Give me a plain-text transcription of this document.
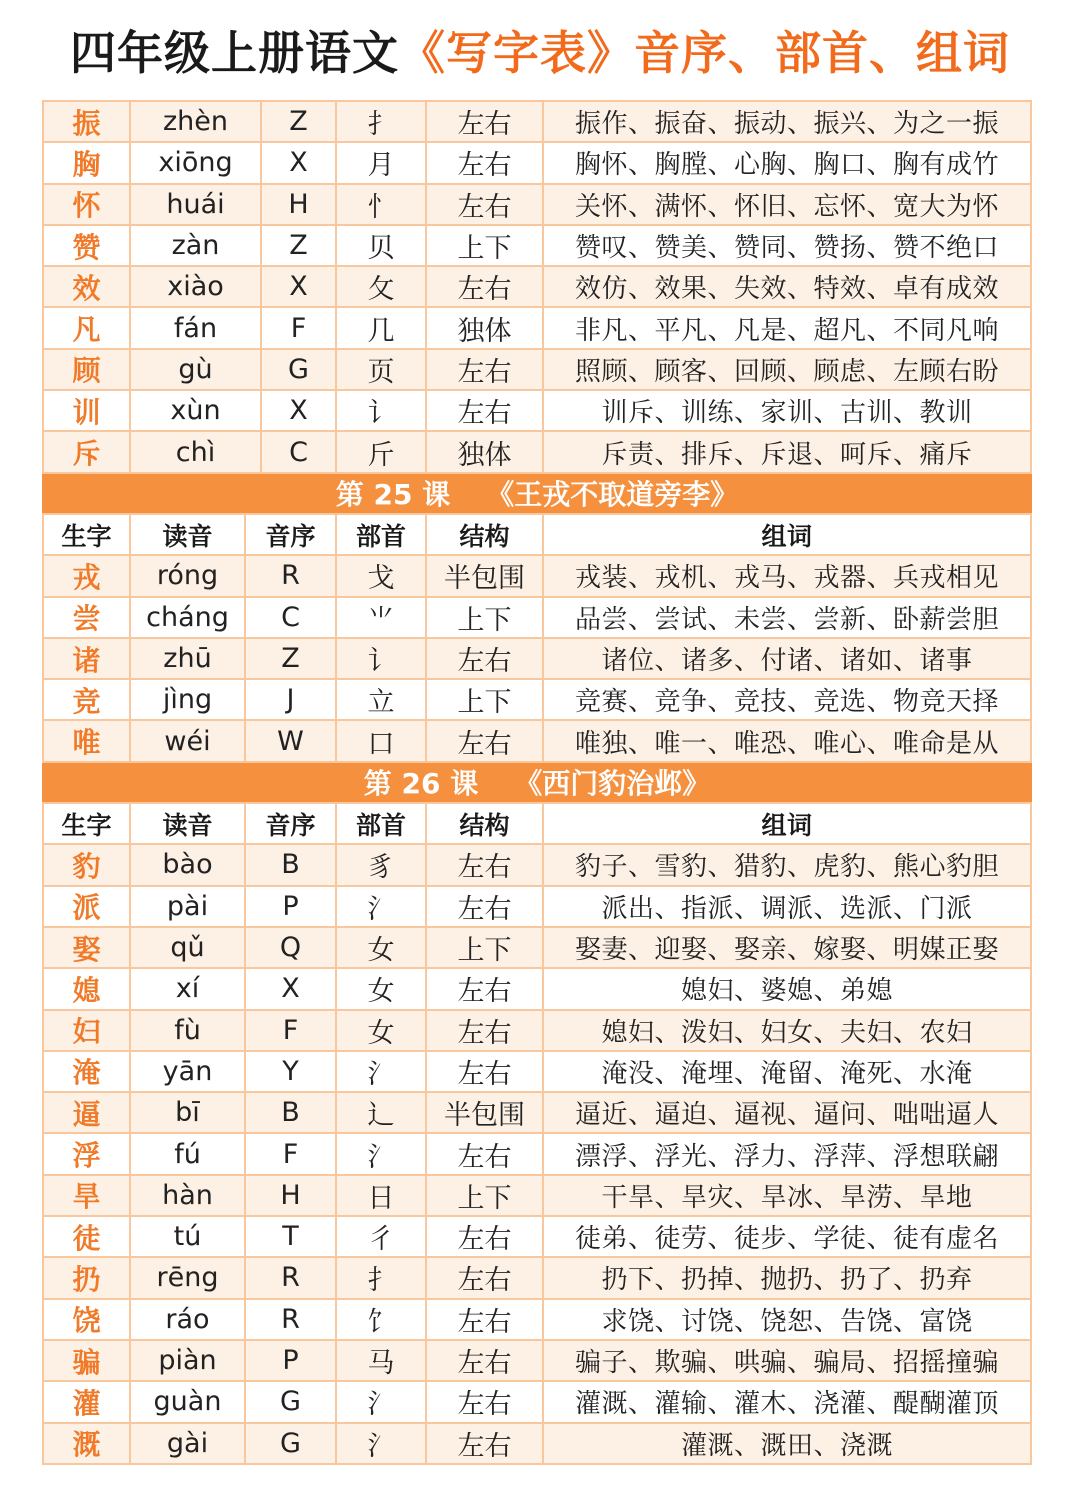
四年级上册语文 《写字表》音序、部首、组词
振	zhèn	Z	扌	左右	振作、振奋、振动、振兴、为之一振
胸	xiōng	X	月	左右	胸怀、胸膛、心胸、胸口、胸有成竹
怀	huái	H	忄	左右	关怀、满怀、怀旧、忘怀、宽大为怀
赞	zàn	Z	贝	上下	赞叹、赞美、赞同、赞扬、赞不绝口
效	xiào	X	攵	左右	效仿、效果、失效、特效、卓有成效
凡	fán	F	几	独体	非凡、平凡、凡是、超凡、不同凡响
顾	gù	G	页	左右	照顾、顾客、回顾、顾虑、左顾右盼
训	xùn	X	讠	左右	训斥、训练、家训、古训、教训
斥	chì	C	斤	独体	斥责、排斥、斥退、呵斥、痛斥
第 25 课 《王戎不取道旁李》
生字	读音	音序	部首	结构	组词
戎	róng	R	戈	半包围	戎装、戎机、戎马、戎器、兵戎相见
尝	cháng	C	⺌	上下	品尝、尝试、未尝、尝新、卧薪尝胆
诸	zhū	Z	讠	左右	诸位、诸多、付诸、诸如、诸事
竞	jìng	J	立	上下	竞赛、竞争、竞技、竞选、物竞天择
唯	wéi	W	口	左右	唯独、唯一、唯恐、唯心、唯命是从
第 26 课 《西门豹治邺》
生字	读音	音序	部首	结构	组词
豹	bào	B	豸	左右	豹子、雪豹、猎豹、虎豹、熊心豹胆
派	pài	P	氵	左右	派出、指派、调派、选派、门派
娶	qǔ	Q	女	上下	娶妻、迎娶、娶亲、嫁娶、明媒正娶
媳	xí	X	女	左右	媳妇、婆媳、弟媳
妇	fù	F	女	左右	媳妇、泼妇、妇女、夫妇、农妇
淹	yān	Y	氵	左右	淹没、淹埋、淹留、淹死、水淹
逼	bī	B	辶	半包围	逼近、逼迫、逼视、逼问、咄咄逼人
浮	fú	F	氵	左右	漂浮、浮光、浮力、浮萍、浮想联翩
旱	hàn	H	日	上下	干旱、旱灾、旱冰、旱涝、旱地
徒	tú	T	彳	左右	徒弟、徒劳、徒步、学徒、徒有虚名
扔	rēng	R	扌	左右	扔下、扔掉、抛扔、扔了、扔弃
饶	ráo	R	饣	左右	求饶、讨饶、饶恕、告饶、富饶
骗	piàn	P	马	左右	骗子、欺骗、哄骗、骗局、招摇撞骗
灌	guàn	G	氵	左右	灌溉、灌输、灌木、浇灌、醍醐灌顶
溉	gài	G	氵	左右	灌溉、溉田、浇溉
